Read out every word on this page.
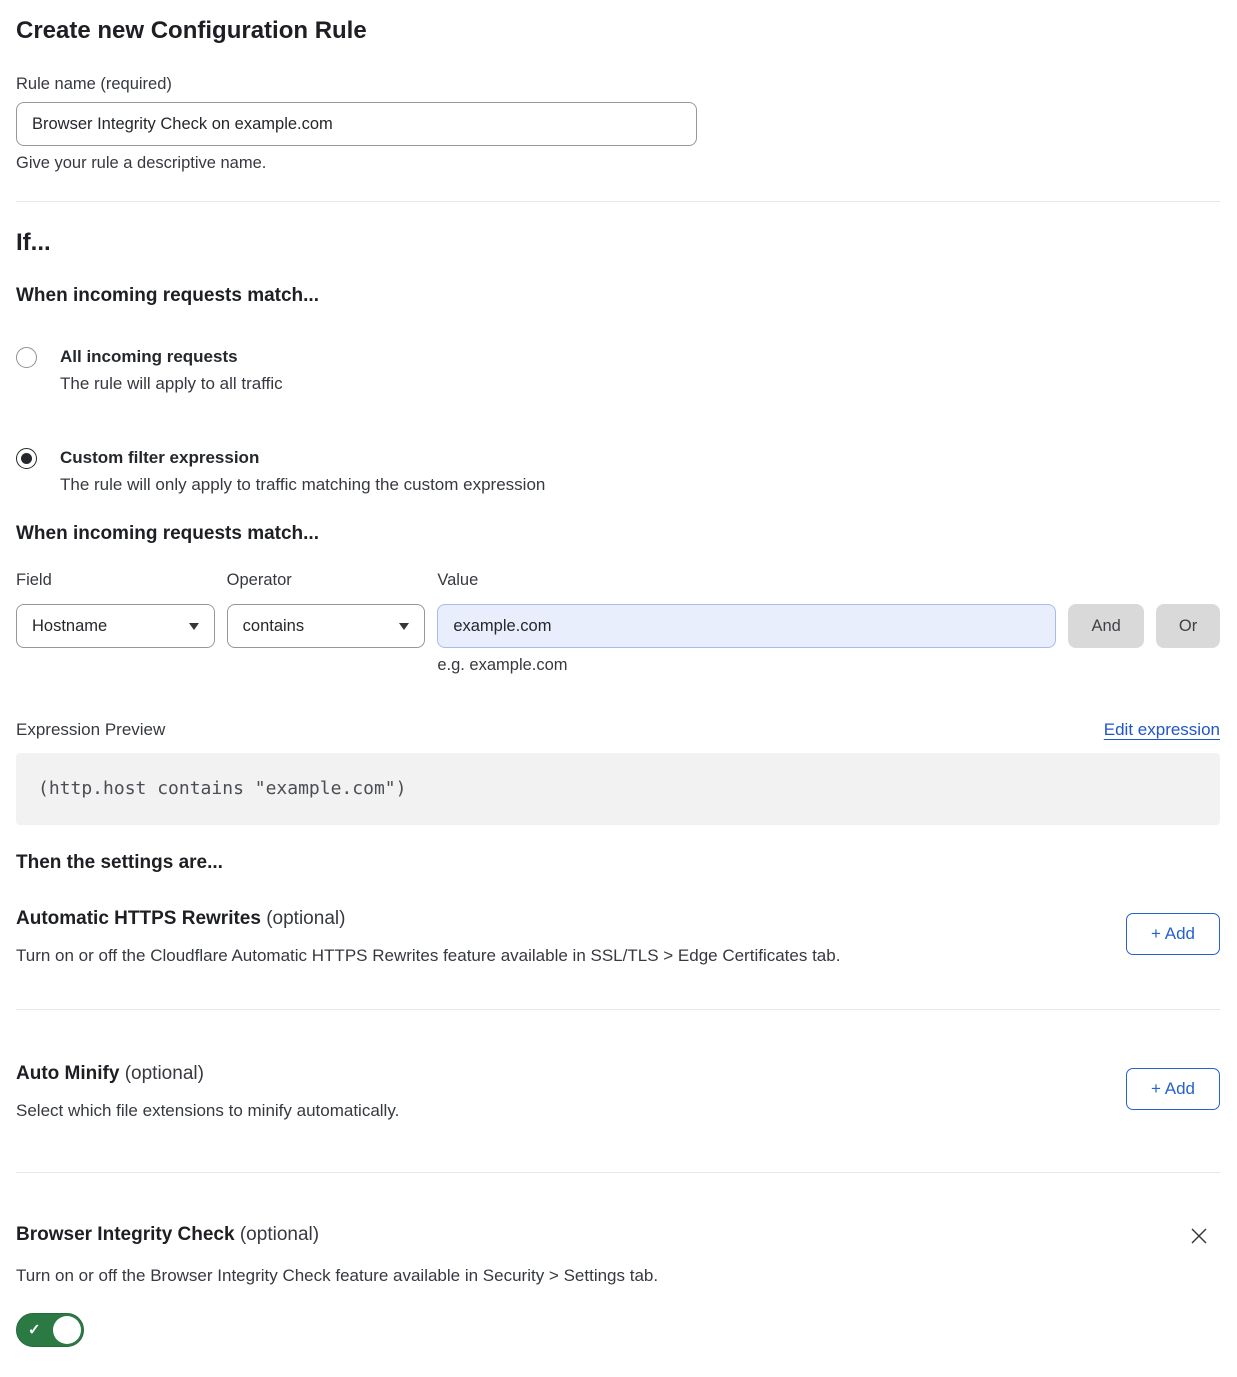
Create new Configuration Rule
Rule name (required)
Browser Integrity Check on example.com
Give your rule a descriptive name.
If...
When incoming requests match...
All incoming requests
The rule will apply to all traffic
Custom filter expression
The rule will only apply to traffic matching the custom expression
When incoming requests match...
Field
Hostname
Operator
contains
Value
example.com
e.g. example.com
And	Or
Expression Preview	Edit expression
(http.host contains "example.com")
Then the settings are...
Automatic HTTPS Rewrites (optional)
Turn on or off the Cloudflare Automatic HTTPS Rewrites feature available in SSL/TLS > Edge Certificates tab.
+ Add
Auto Minify (optional)
Select which file extensions to minify automatically.
+ Add
Browser Integrity Check (optional)
Turn on or off the Browser Integrity Check feature available in Security > Settings tab.
✓
